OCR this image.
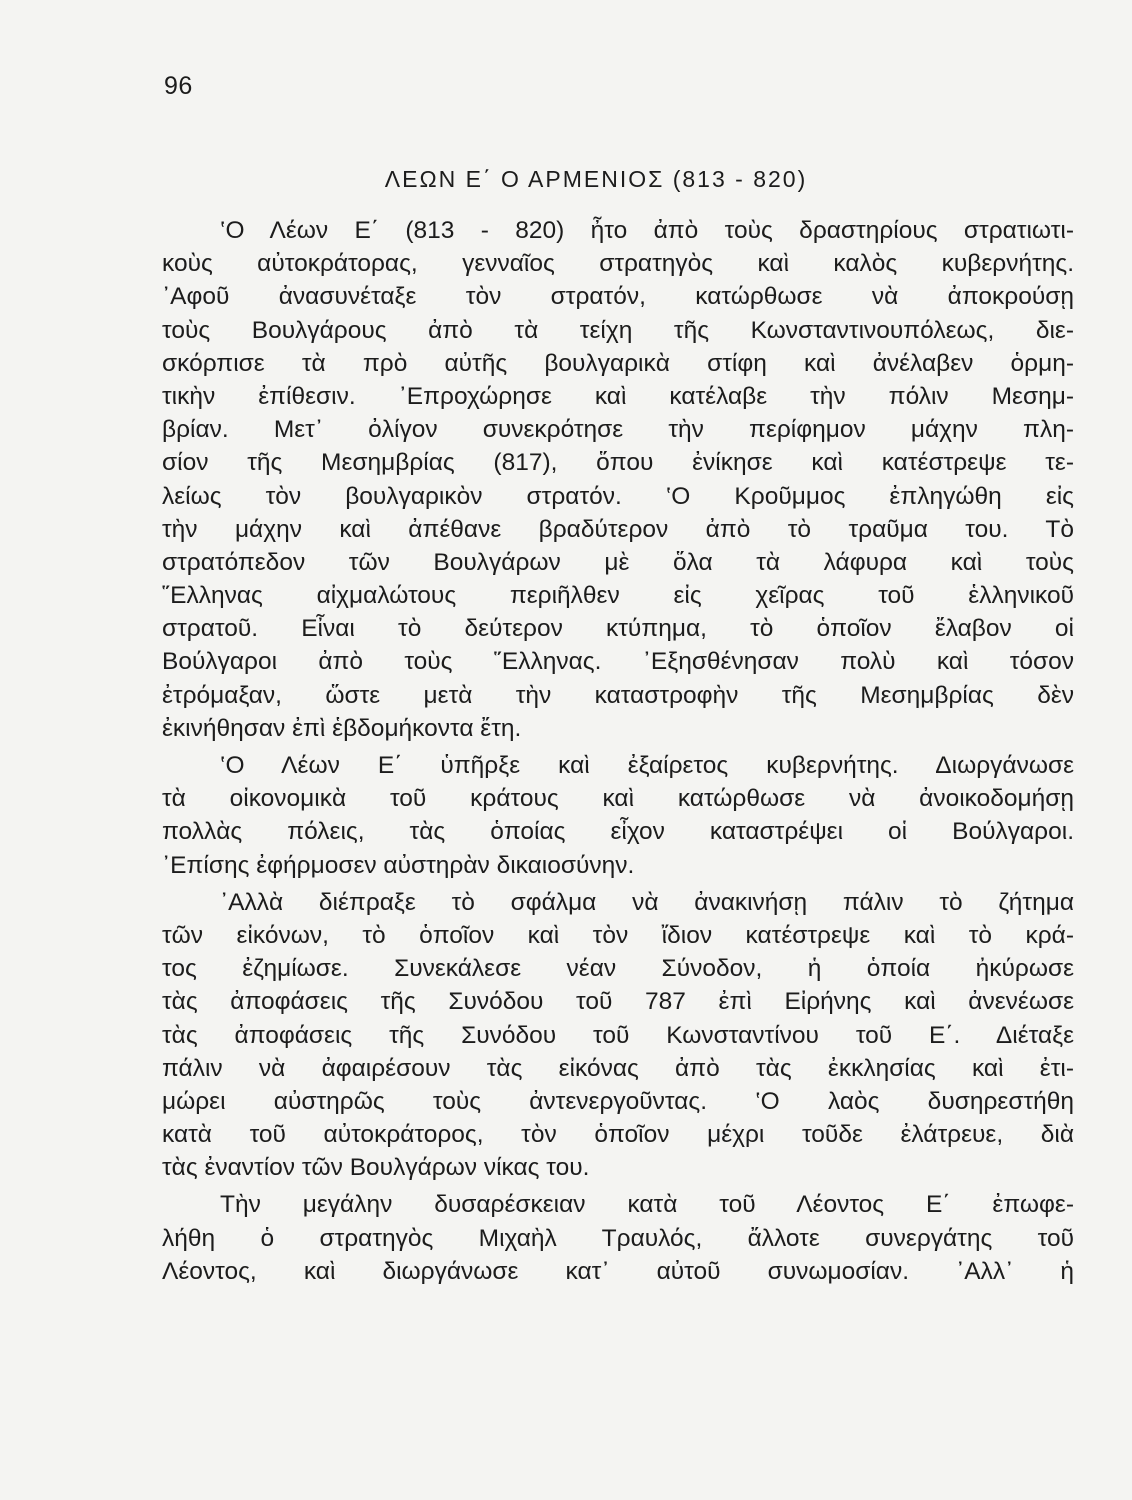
96
ΛΕΩΝ Ε΄ Ο ΑΡΜΕΝΙΟΣ (813 - 820)
‛Ο Λέων Ε΄ (813 - 820) ἦτο ἀπὸ τοὺς δραστηρίους στρατιωτι-
κοὺς αὐτοκράτορας, γενναῖος στρατηγὸς καὶ καλὸς κυβερνήτης.
᾿Αφοῦ ἀνασυνέταξε τὸν στρατόν, κατώρθωσε νὰ ἀποκρούσῃ
τοὺς Βουλγάρους ἀπὸ τὰ τείχη τῆς Κωνσταντινουπόλεως, διε-
σκόρπισε τὰ πρὸ αὐτῆς βουλγαρικὰ στίφη καὶ ἀνέλαβεν ὁρμη-
τικὴν ἐπίθεσιν. ᾿Επροχώρησε καὶ κατέλαβε τὴν πόλιν Μεσημ-
βρίαν. Μετ᾿ ὀλίγον συνεκρότησε τὴν περίφημον μάχην πλη-
σίον τῆς Μεσημβρίας (817), ὅπου ἐνίκησε καὶ κατέστρεψε τε-
λείως τὸν βουλγαρικὸν στρατόν. ‛Ο Κροῦμμος ἐπληγώθη εἰς
τὴν μάχην καὶ ἀπέθανε βραδύτερον ἀπὸ τὸ τραῦμα του. Τὸ
στρατόπεδον τῶν Βουλγάρων μὲ ὅλα τὰ λάφυρα καὶ τοὺς
῞Ελληνας αἰχμαλώτους περιῆλθεν εἰς χεῖρας τοῦ ἑλληνικοῦ
στρατοῦ. Εἶναι τὸ δεύτερον κτύπημα, τὸ ὁποῖον ἔλαβον οἱ
Βούλγαροι ἀπὸ τοὺς ῞Ελληνας. ᾿Εξησθένησαν πολὺ καὶ τόσον
ἐτρόμαξαν, ὥστε μετὰ τὴν καταστροφὴν τῆς Μεσημβρίας δὲν
ἐκινήθησαν ἐπὶ ἑβδομήκοντα ἔτη.
‛Ο Λέων Ε΄ ὑπῆρξε καὶ ἐξαίρετος κυβερνήτης. Διωργάνωσε
τὰ οἰκονομικὰ τοῦ κράτους καὶ κατώρθωσε νὰ ἀνοικοδομήσῃ
πολλὰς πόλεις, τὰς ὁποίας εἶχον καταστρέψει οἱ Βούλγαροι.
᾿Επίσης ἐφήρμοσεν αὐστηρὰν δικαιοσύνην.
᾿Αλλὰ διέπραξε τὸ σφάλμα νὰ ἀνακινήσῃ πάλιν τὸ ζήτημα
τῶν εἰκόνων, τὸ ὁποῖον καὶ τὸν ἴδιον κατέστρεψε καὶ τὸ κρά-
τος ἐζημίωσε. Συνεκάλεσε νέαν Σύνοδον, ἡ ὁποία ἠκύρωσε
τὰς ἀποφάσεις τῆς Συνόδου τοῦ 787 ἐπὶ Εἰρήνης καὶ ἀνενέωσε
τὰς ἀποφάσεις τῆς Συνόδου τοῦ Κωνσταντίνου τοῦ Ε΄. Διέταξε
πάλιν νὰ ἀφαιρέσουν τὰς εἰκόνας ἀπὸ τὰς ἐκκλησίας καὶ ἐτι-
μώρει αὐστηρῶς τοὺς ἀντενεργοῦντας. ‛Ο λαὸς δυσηρεστήθη
κατὰ τοῦ αὐτοκράτορος, τὸν ὁποῖον μέχρι τοῦδε ἐλάτρευε, διὰ
τὰς ἐναντίον τῶν Βουλγάρων νίκας του.
Τὴν μεγάλην δυσαρέσκειαν κατὰ τοῦ Λέοντος Ε΄ ἐπωφε-
λήθη ὁ στρατηγὸς Μιχαὴλ Τραυλός, ἄλλοτε συνεργάτης τοῦ
Λέοντος, καὶ διωργάνωσε κατ᾿ αὐτοῦ συνωμοσίαν. ᾿Αλλ᾿ ἡ
